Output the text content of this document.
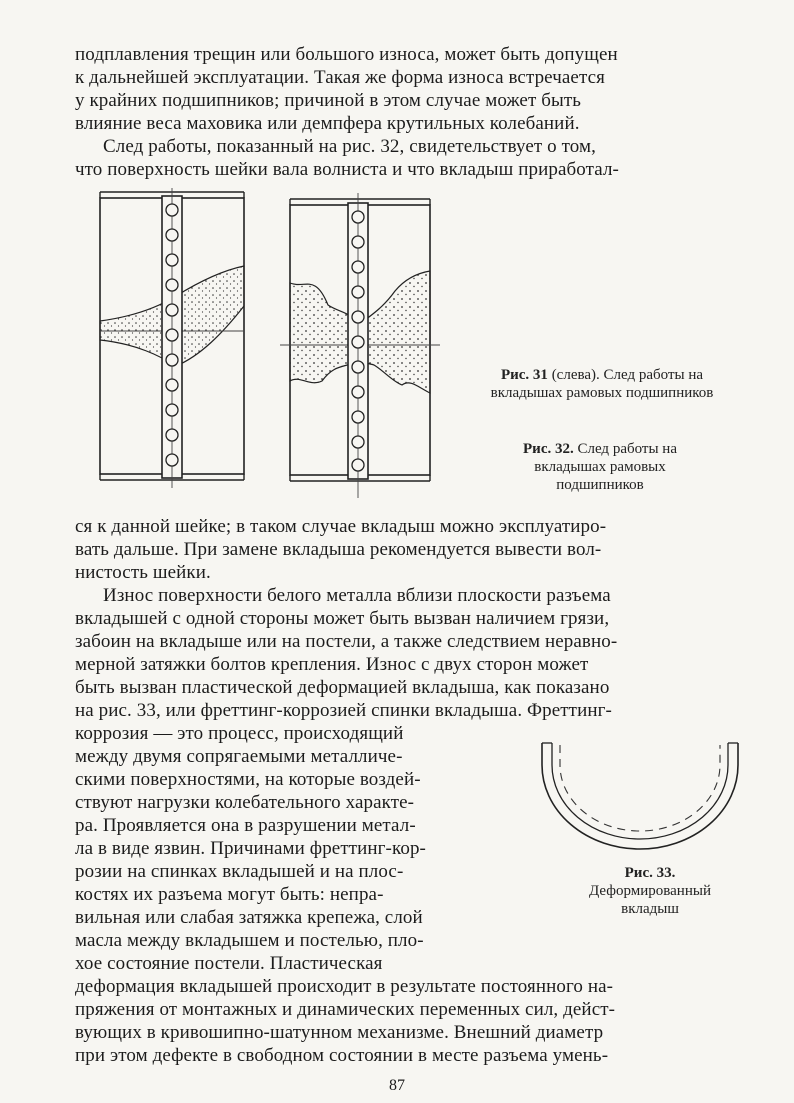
подплавления трещин или большого износа, может быть допущен
к дальнейшей эксплуатации. Такая же форма износа встречается
у крайних подшипников; причиной в этом случае может быть
влияние веса маховика или демпфера крутильных колебаний.
След работы, показанный на рис. 32, свидетельствует о том,
что поверхность шейки вала волниста и что вкладыш приработал-
Рис. 31 (слева). След работы на
вкладышах рамовых подшипников
Рис. 32. След работы на
вкладышах рамовых
подшипников
ся к данной шейке; в таком случае вкладыш можно эксплуатиро-
вать дальше. При замене вкладыша рекомендуется вывести вол-
нистость шейки.
Износ поверхности белого металла вблизи плоскости разъема
вкладышей с одной стороны может быть вызван наличием грязи,
забоин на вкладыше или на постели, а также следствием неравно-
мерной затяжки болтов крепления. Износ с двух сторон может
быть вызван пластической деформацией вкладыша, как показано
на рис. 33, или фреттинг-коррозией спинки вкладыша. Фреттинг-
коррозия — это процесс, происходящий
между двумя сопрягаемыми металличе-
скими поверхностями, на которые воздей-
ствуют нагрузки колебательного характе-
ра. Проявляется она в разрушении метал-
ла в виде язвин. Причинами фреттинг-кор-
розии на спинках вкладышей и на плос-
костях их разъема могут быть: непра-
вильная или слабая затяжка крепежа, слой
масла между вкладышем и постелью, пло-
хое состояние постели. Пластическая
Рис. 33.
Деформированный
вкладыш
деформация вкладышей происходит в результате постоянного на-
пряжения от монтажных и динамических переменных сил, дейст-
вующих в кривошипно-шатунном механизме. Внешний диаметр
при этом дефекте в свободном состоянии в месте разъема умень-
87
